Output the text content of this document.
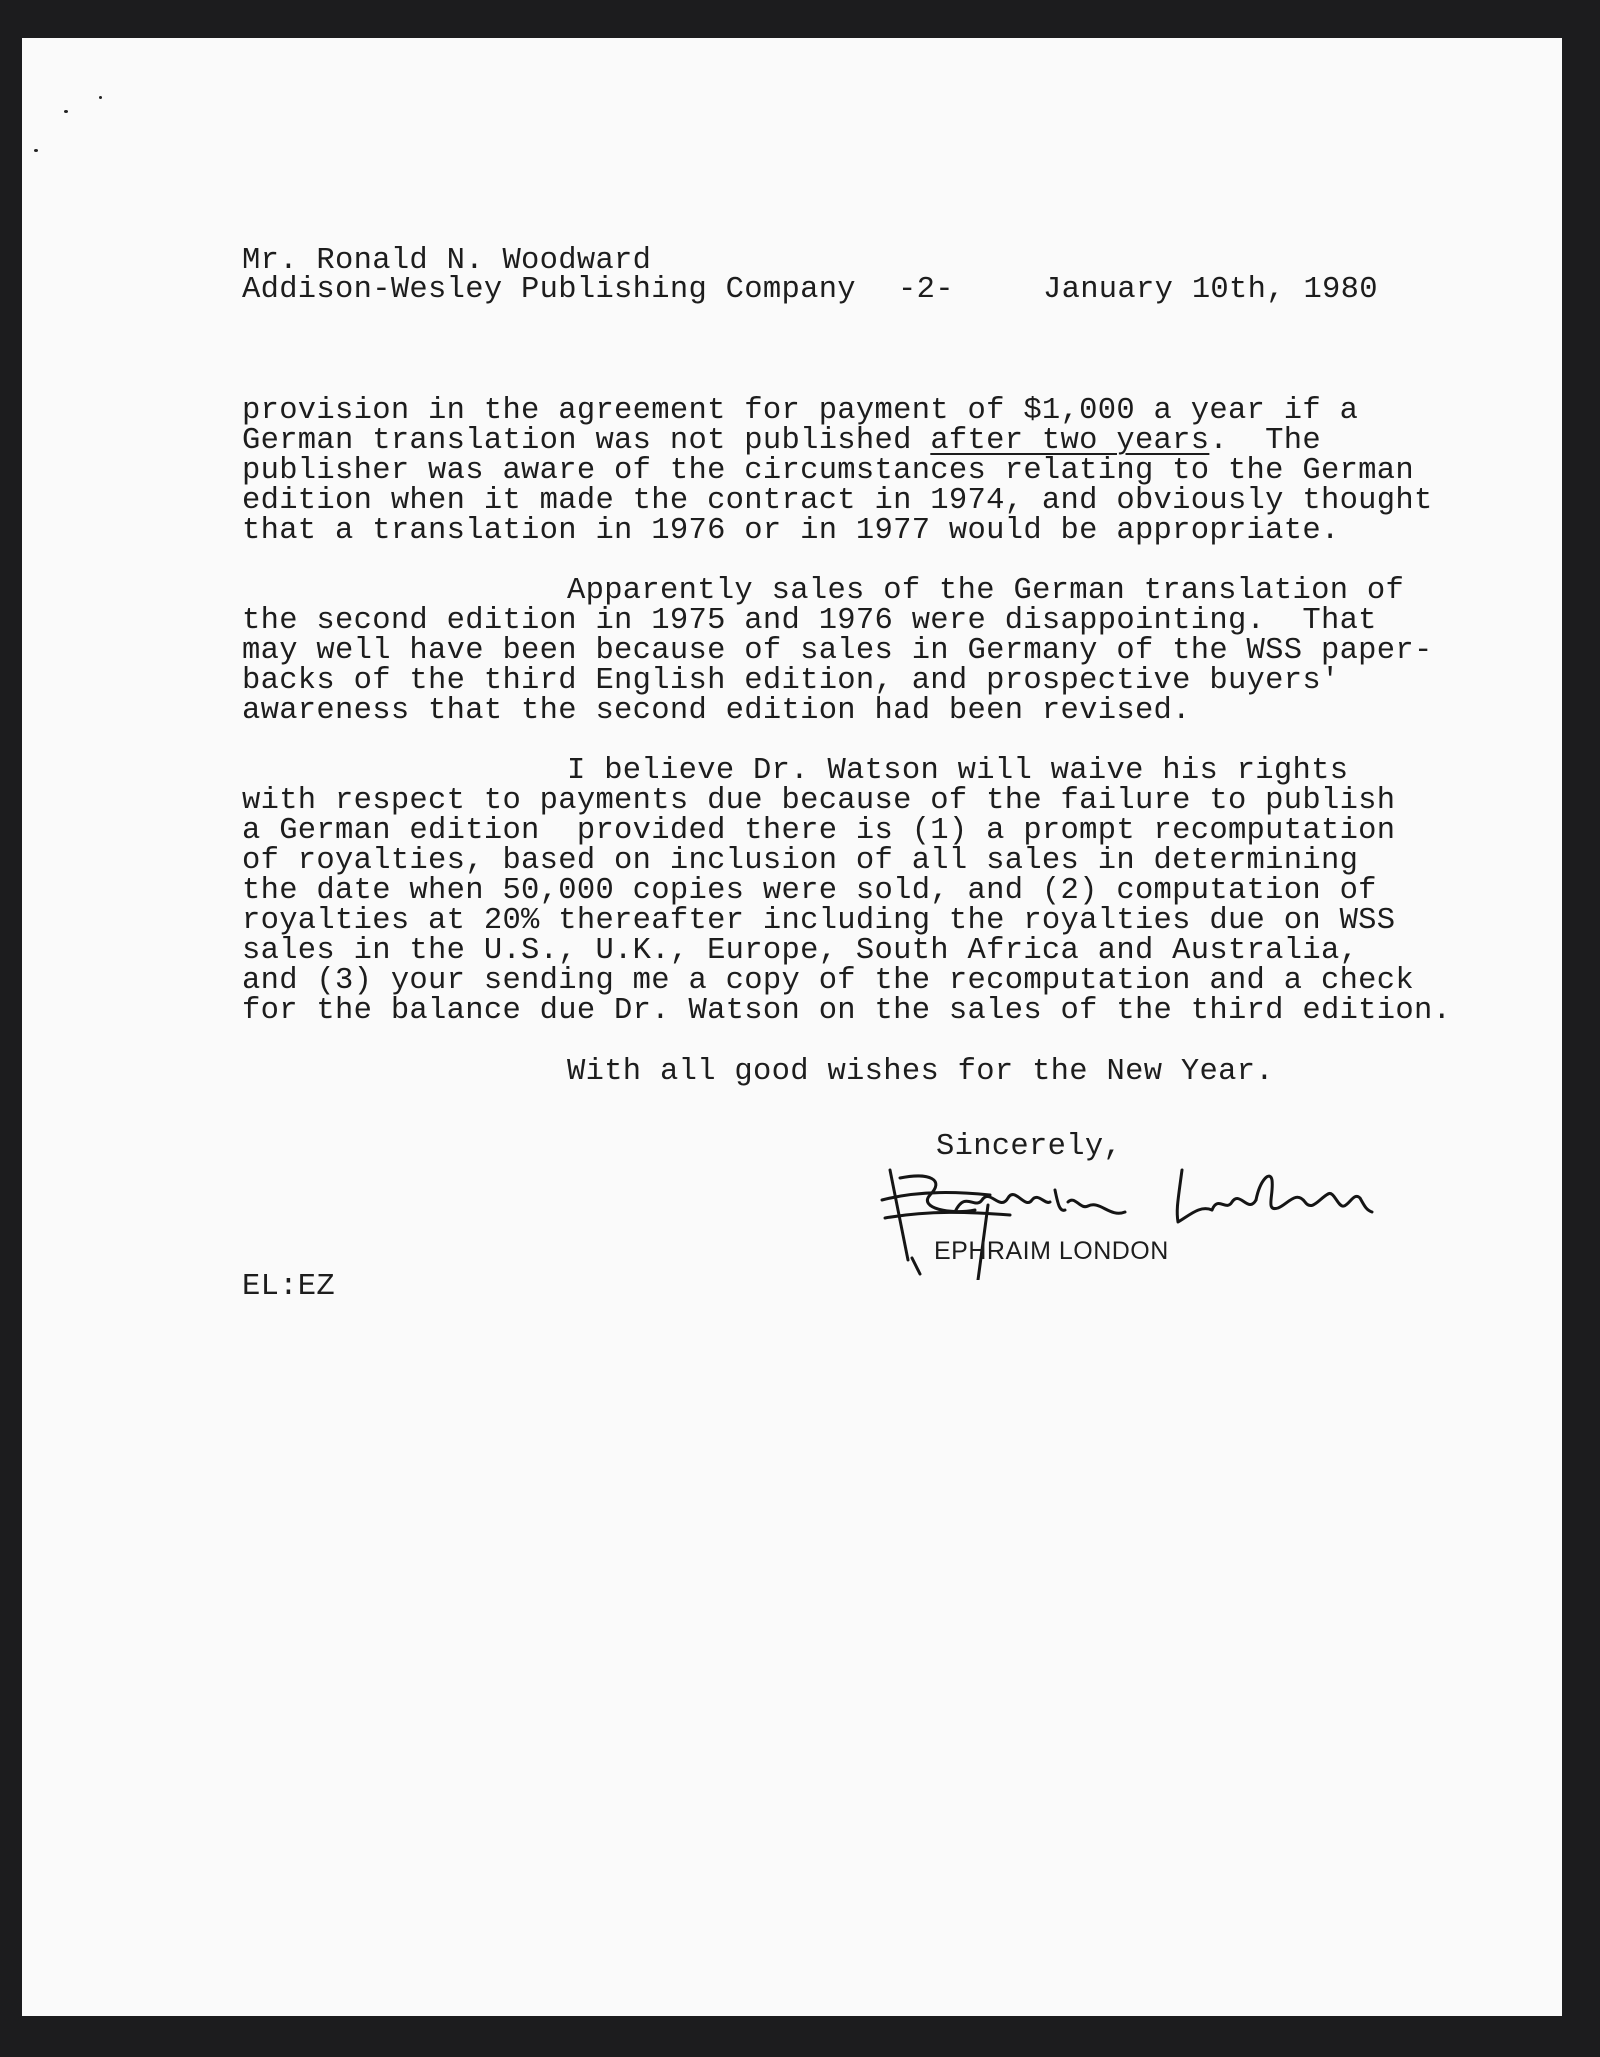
Mr. Ronald N. Woodward

Addison-Wesley Publishing Company -2-	January 10th, 1980

provision in the agreement for payment of $1,000 a year if a

German translation was not published after two years.  The

publisher was aware of the circumstances relating to the German

edition when it made the contract in 1974, and obviously thought

that a translation in 1976 or in 1977 would be appropriate.

Apparently sales of the German translation of

the second edition in 1975 and 1976 were disappointing.  That

may well have been because of sales in Germany of the WSS paper-

backs of the third English edition, and prospective buyers'

awareness that the second edition had been revised.

I believe Dr. Watson will waive his rights

with respect to payments due because of the failure to publish

a German edition  provided there is (1) a prompt recomputation

of royalties, based on inclusion of all sales in determining

the date when 50,000 copies were sold, and (2) computation of

royalties at 20% thereafter including the royalties due on WSS

sales in the U.S., U.K., Europe, South Africa and Australia,

and (3) your sending me a copy of the recomputation and a check

for the balance due Dr. Watson on the sales of the third edition.

With all good wishes for the New Year.

Sincerely,

EPHRAIM LONDON

EL:EZ
